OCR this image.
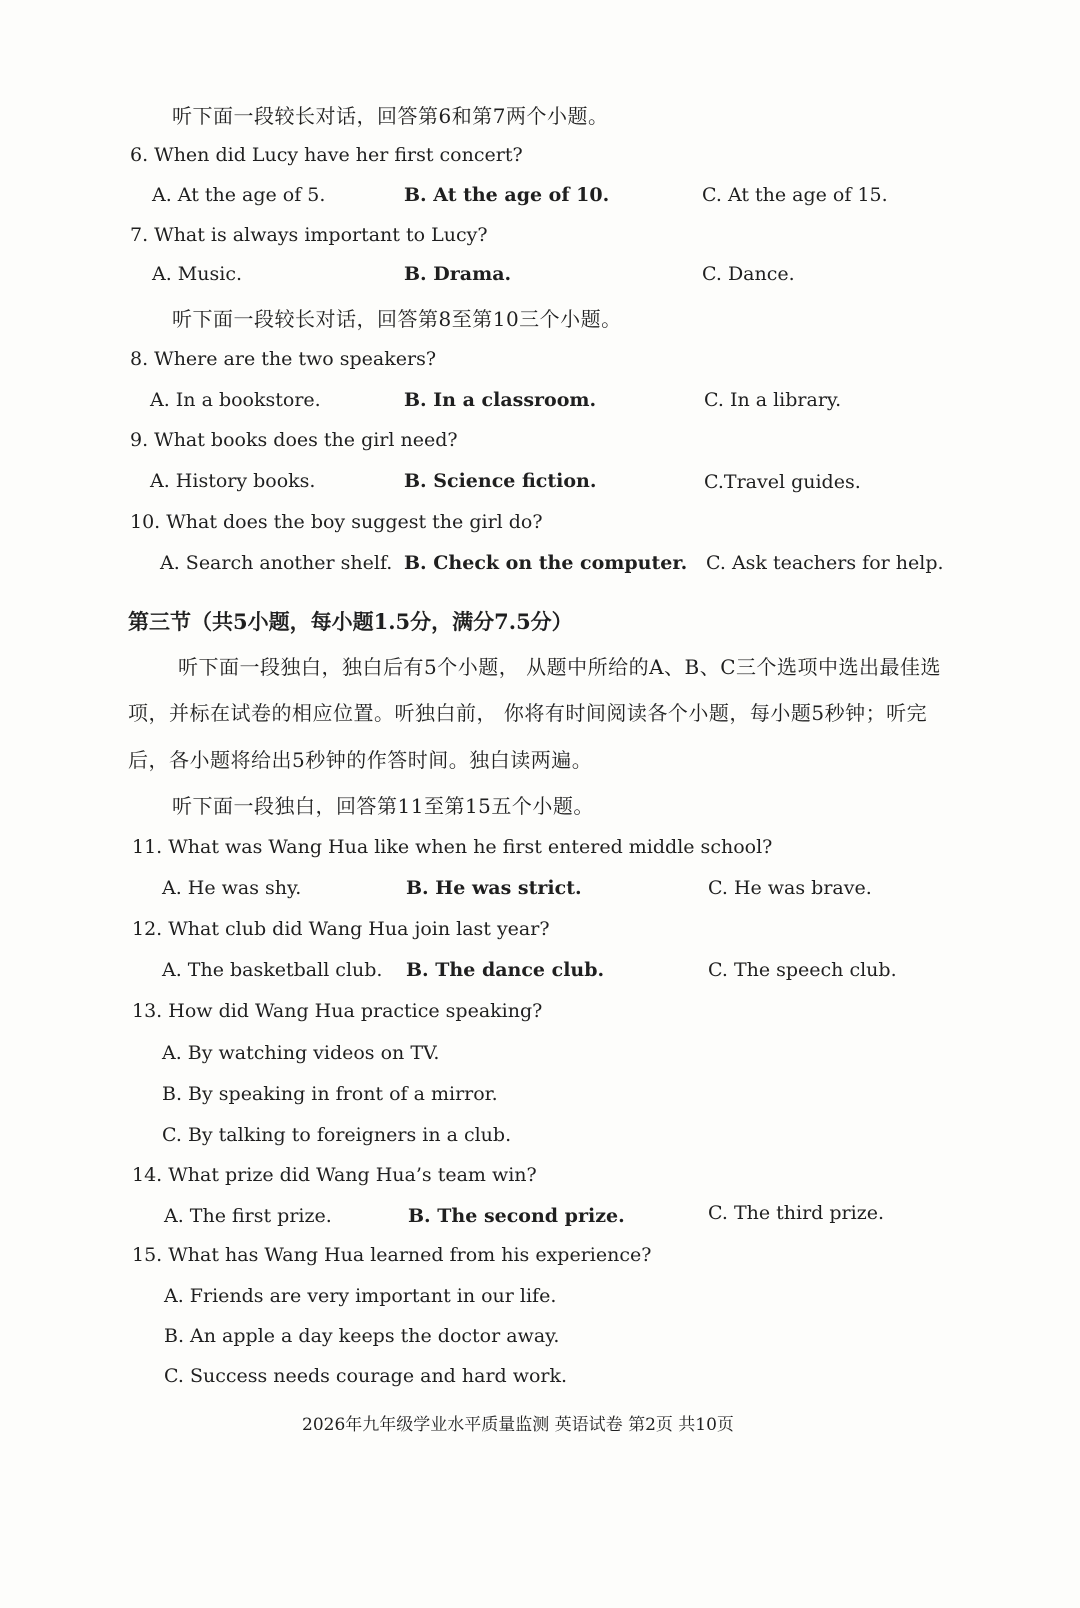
听下面一段较长对话，回答第6和第7两个小题。
6. When did Lucy have her first concert?
A. At the age of 5.	B. At the age of 10.	C. At the age of 15.
7. What is always important to Lucy?
A. Music.	B. Drama.	C. Dance.
听下面一段较长对话，回答第8至第10三个小题。
8. Where are the two speakers?
A. In a bookstore.	B. In a classroom.	C. In a library.
9. What books does the girl need?
A. History books.	B. Science fiction.	C.Travel guides.
10. What does the boy suggest the girl do?
A. Search another shelf. B. Check on the computer. C. Ask teachers for help.
第三节（共5小题，每小题1.5分，满分7.5分）
听下面一段独白，独白后有5个小题， 从题中所给的A、B、C三个选项中选出最佳选
项，并标在试卷的相应位置。听独白前， 你将有时间阅读各个小题，每小题5秒钟；听完
后，各小题将给出5秒钟的作答时间。独白读两遍。
听下面一段独白，回答第11至第15五个小题。
11. What was Wang Hua like when he first entered middle school?
A. He was shy.	B. He was strict.	C. He was brave.
12. What club did Wang Hua join last year?
A. The basketball club. B. The dance club.	C. The speech club.
13. How did Wang Hua practice speaking?
A. By watching videos on TV.
B. By speaking in front of a mirror.
C. By talking to foreigners in a club.
14. What prize did Wang Hua’s team win?
A. The first prize.	B. The second prize.	C. The third prize.
15. What has Wang Hua learned from his experience?
A. Friends are very important in our life.
B. An apple a day keeps the doctor away.
C. Success needs courage and hard work.
2026年九年级学业水平质量监测 英语试卷 第2页 共10页
